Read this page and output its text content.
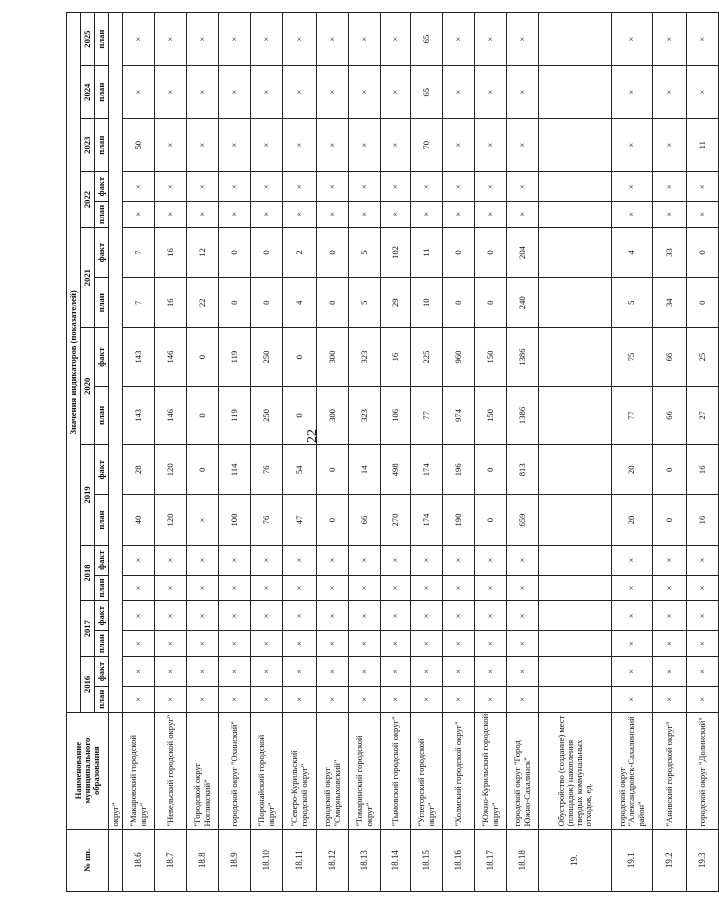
22
№ пп.	Наименование муниципального образования	Значения индикаторов (показателей)																
		2016		2017		2018		2019		2020		2021		2022		2023	2024	2025
		план	факт	план	факт	план	факт	план	факт	план	факт	план	факт	план	факт	план	план	план
	округ"																	
18.6	"Макаровский городской округ"	×	×	×	×	×	×	40	28	143	143	7	7	×	×	50	×	×
18.7	"Невельский городской округ"	×	×	×	×	×	×	120	120	146	146	16	16	×	×	×	×	×
18.8	"Городской округ Ногликский"	×	×	×	×	×	×	×	0	0	0	22	12	×	×	×	×	×
18.9	городской округ "Охинский"	×	×	×	×	×	×	100	114	119	119	0	0	×	×	×	×	×
18.10	"Поронайский городской округ"	×	×	×	×	×	×	76	76	250	250	0	0	×	×	×	×	×
18.11	"Северо-Курильский городской округ"	×	×	×	×	×	×	47	54	0	0	4	2	×	×	×	×	×
18.12	городской округ "Смирныховский"	×	×	×	×	×	×	0	0	300	300	0	0	×	×	×	×	×
18.13	"Томаринский городской округ"	×	×	×	×	×	×	66	14	323	323	5	5	×	×	×	×	×
18.14	"Тымовский городской округ"	×	×	×	×	×	×	270	498	106	16	29	102	×	×	×	×	×
18.15	"Углегорский городской округ"	×	×	×	×	×	×	174	174	77	225	10	11	×	×	70	65	65
18.16	"Холмский городской округ"	×	×	×	×	×	×	190	196	974	960	0	0	×	×	×	×	×
18.17	"Южно-Курильский городской округ"	×	×	×	×	×	×	0	0	150	150	0	0	×	×	×	×	×
18.18	городской округ "Город Южно-Сахалинск"	×	×	×	×	×	×	659	813	1386	1386	240	204	×	×	×	×	×
19.	Обустройство (создание) мест (площадок) накопления твердых коммунальных отходов, ед.																	
19.1	городской округ "Александровск-Сахалинский район"	×	×	×	×	×	×	20	20	77	75	5	4	×	×	×	×	×
19.2	"Анивский городской округ"	×	×	×	×	×	×	0	0	66	66	34	33	×	×	×	×	×
19.3	городской округ "Долинский"	×	×	×	×	×	×	16	16	27	25	0	0	×	×	11	×	×
